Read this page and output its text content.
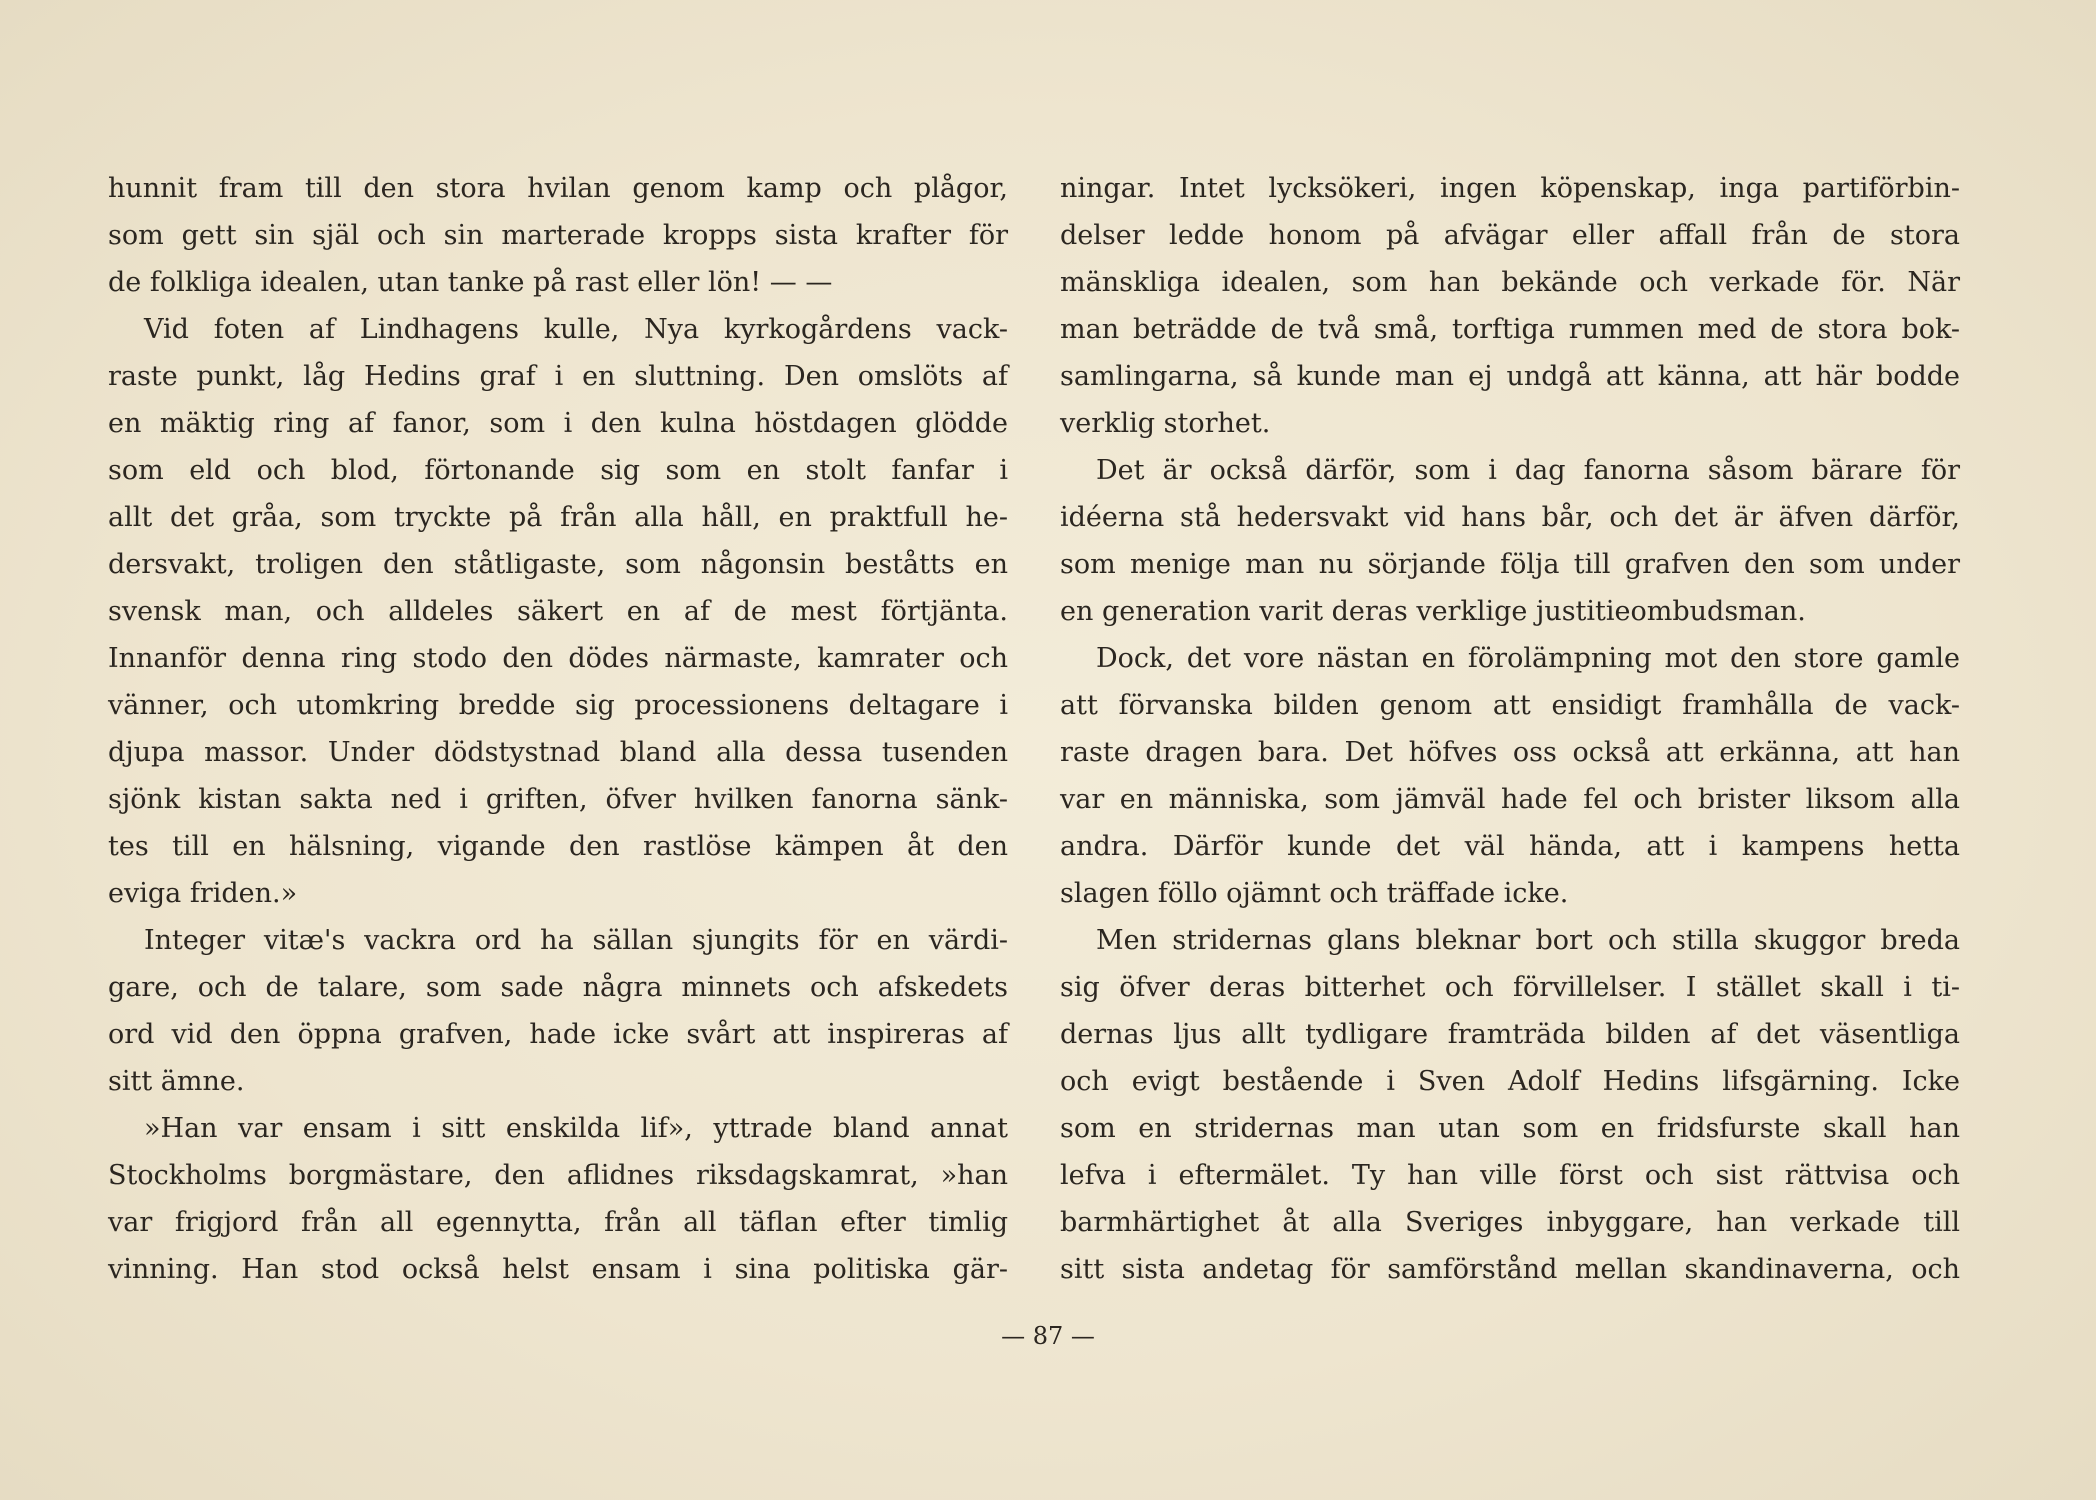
hunnit fram till den stora hvilan genom kamp och plågor,
som gett sin själ och sin marterade kropps sista krafter för
de folkliga idealen, utan tanke på rast eller lön! — —
Vid foten af Lindhagens kulle, Nya kyrkogårdens vack-
raste punkt, låg Hedins graf i en sluttning. Den omslöts af
en mäktig ring af fanor, som i den kulna höstdagen glödde
som eld och blod, förtonande sig som en stolt fanfar i
allt det gråa, som tryckte på från alla håll, en praktfull he-
dersvakt, troligen den ståtligaste, som någonsin beståtts en
svensk man, och alldeles säkert en af de mest förtjänta.
Innanför denna ring stodo den dödes närmaste, kamrater och
vänner, och utomkring bredde sig processionens deltagare i
djupa massor. Under dödstystnad bland alla dessa tusenden
sjönk kistan sakta ned i griften, öfver hvilken fanorna sänk-
tes till en hälsning, vigande den rastlöse kämpen åt den
eviga friden.»
Integer vitæ's vackra ord ha sällan sjungits för en värdi-
gare, och de talare, som sade några minnets och afskedets
ord vid den öppna grafven, hade icke svårt att inspireras af
sitt ämne.
»Han var ensam i sitt enskilda lif», yttrade bland annat
Stockholms borgmästare, den aflidnes riksdagskamrat, »han
var frigjord från all egennytta, från all täflan efter timlig
vinning. Han stod också helst ensam i sina politiska gär-
ningar. Intet lycksökeri, ingen köpenskap, inga partiförbin-
delser ledde honom på afvägar eller affall från de stora
mänskliga idealen, som han bekände och verkade för. När
man beträdde de två små, torftiga rummen med de stora bok-
samlingarna, så kunde man ej undgå att känna, att här bodde
verklig storhet.
Det är också därför, som i dag fanorna såsom bärare för
idéerna stå hedersvakt vid hans bår, och det är äfven därför,
som menige man nu sörjande följa till grafven den som under
en generation varit deras verklige justitieombudsman.
Dock, det vore nästan en förolämpning mot den store gamle
att förvanska bilden genom att ensidigt framhålla de vack-
raste dragen bara. Det höfves oss också att erkänna, att han
var en människa, som jämväl hade fel och brister liksom alla
andra. Därför kunde det väl hända, att i kampens hetta
slagen föllo ojämnt och träffade icke.
Men stridernas glans bleknar bort och stilla skuggor breda
sig öfver deras bitterhet och förvillelser. I stället skall i ti-
dernas ljus allt tydligare framträda bilden af det väsentliga
och evigt bestående i Sven Adolf Hedins lifsgärning. Icke
som en stridernas man utan som en fridsfurste skall han
lefva i eftermälet. Ty han ville först och sist rättvisa och
barmhärtighet åt alla Sveriges inbyggare, han verkade till
sitt sista andetag för samförstånd mellan skandinaverna, och
— 87 —
